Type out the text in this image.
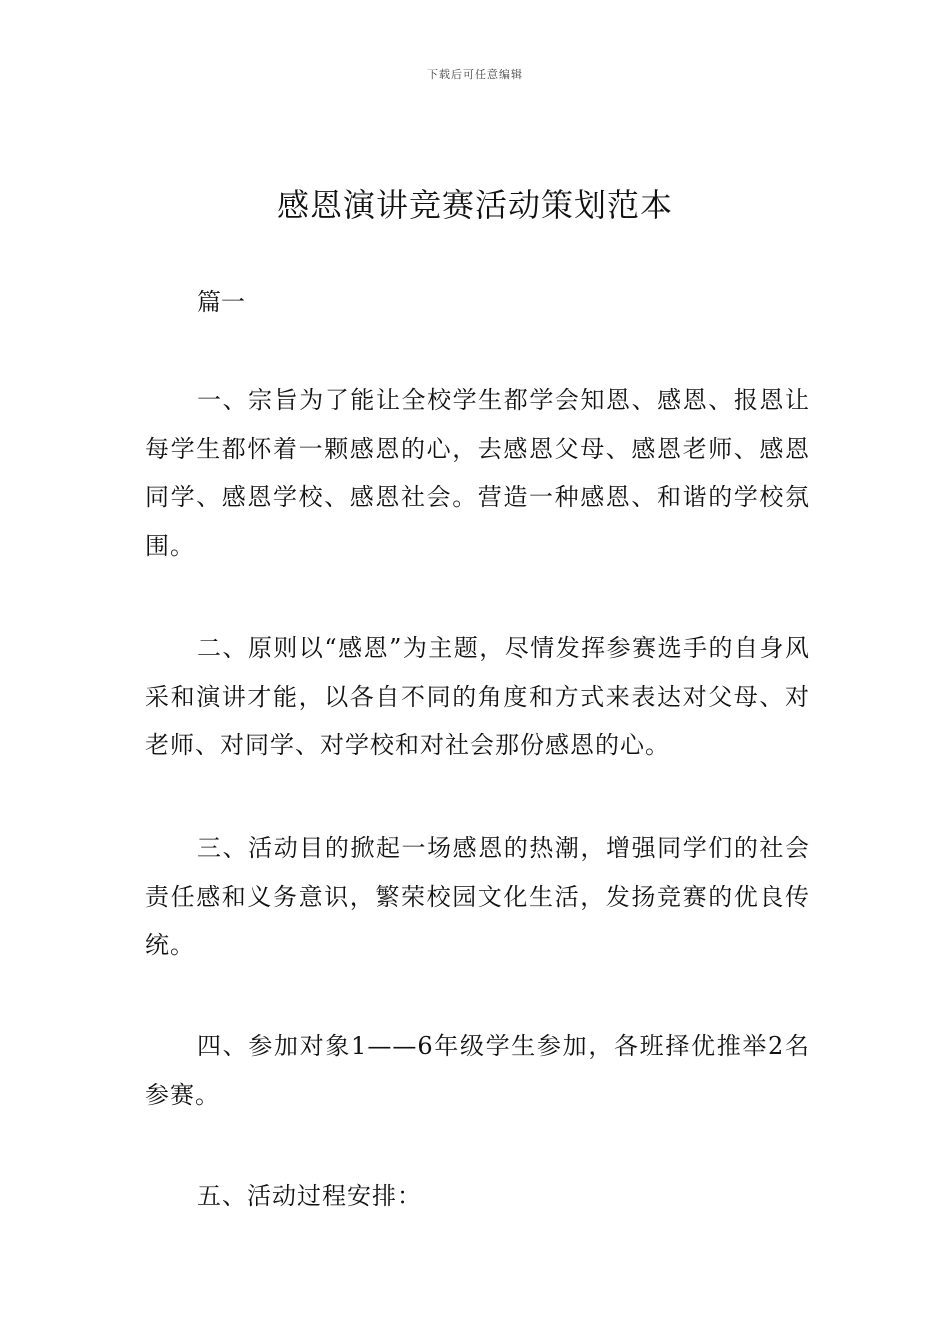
下载后可任意编辑
感恩演讲竞赛活动策划范本
篇一

一、宗旨为了能让全校学生都学会知恩、感恩、报恩让每学生都怀着一颗感恩的心，去感恩父母、感恩老师、感恩同学、感恩学校、感恩社会。营造一种感恩、和谐的学校氛围。

二、原则以“感恩”为主题，尽情发挥参赛选手的自身风采和演讲才能，以各自不同的角度和方式来表达对父母、对老师、对同学、对学校和对社会那份感恩的心。

三、活动目的掀起一场感恩的热潮，增强同学们的社会责任感和义务意识，繁荣校园文化生活，发扬竞赛的优良传统。

四、参加对象1——6年级学生参加，各班择优推举2名参赛。

五、活动过程安排：
